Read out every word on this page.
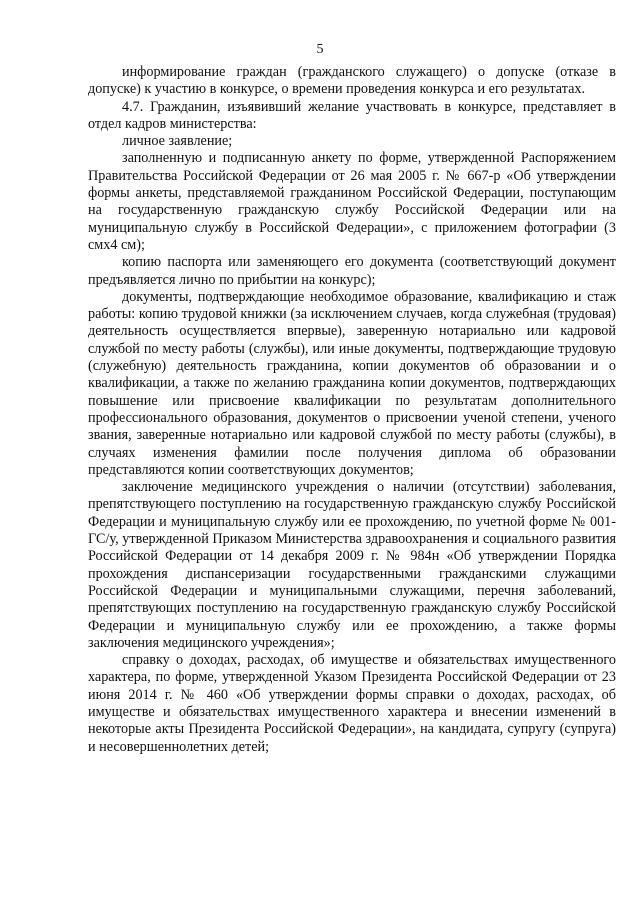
5

информирование граждан (гражданского служащего) о допуске (отказе в допуске) к участию в конкурсе, о времени проведения конкурса и его результатах.

4.7. Гражданин, изъявивший желание участвовать в конкурсе, представляет в отдел кадров министерства:

личное заявление;

заполненную и подписанную анкету по форме, утвержденной Распоряжением Правительства Российской Федерации от 26 мая 2005 г. № 667-р «Об утверждении формы анкеты, представляемой гражданином Российской Федерации, поступающим на государственную гражданскую службу Российской Федерации или на муниципальную службу в Российской Федерации», с приложением фотографии (3 смх4 см);

копию паспорта или заменяющего его документа (соответствующий документ предъявляется лично по прибытии на конкурс);

документы, подтверждающие необходимое образование, квалификацию и стаж работы: копию трудовой книжки (за исключением случаев, когда служебная (трудовая) деятельность осуществляется впервые), заверенную нотариально или кадровой службой по месту работы (службы), или иные документы, подтверждающие трудовую (служебную) деятельность гражданина, копии документов об образовании и о квалификации, а также по желанию гражданина копии документов, подтверждающих повышение или присвоение квалификации по результатам дополнительного профессионального образования, документов о присвоении ученой степени, ученого звания, заверенные нотариально или кадровой службой по месту работы (службы), в случаях изменения фамилии после получения диплома об образовании представляются копии соответствующих документов;

заключение медицинского учреждения о наличии (отсутствии) заболевания, препятствующего поступлению на государственную гражданскую службу Российской Федерации и муниципальную службу или ее прохождению, по учетной форме № 001-ГС/у, утвержденной Приказом Министерства здравоохранения и социального развития Российской Федерации от 14 декабря 2009 г. № 984н «Об утверждении Порядка прохождения диспансеризации государственными гражданскими служащими Российской Федерации и муниципальными служащими, перечня заболеваний, препятствующих поступлению на государственную гражданскую службу Российской Федерации и муниципальную службу или ее прохождению, а также формы заключения медицинского учреждения»;

справку о доходах, расходах, об имуществе и обязательствах имущественного характера, по форме, утвержденной Указом Президента Российской Федерации от 23 июня 2014 г. № 460 «Об утверждении формы справки о доходах, расходах, об имуществе и обязательствах имущественного характера и внесении изменений в некоторые акты Президента Российской Федерации», на кандидата, супругу (супруга) и несовершеннолетних детей;
